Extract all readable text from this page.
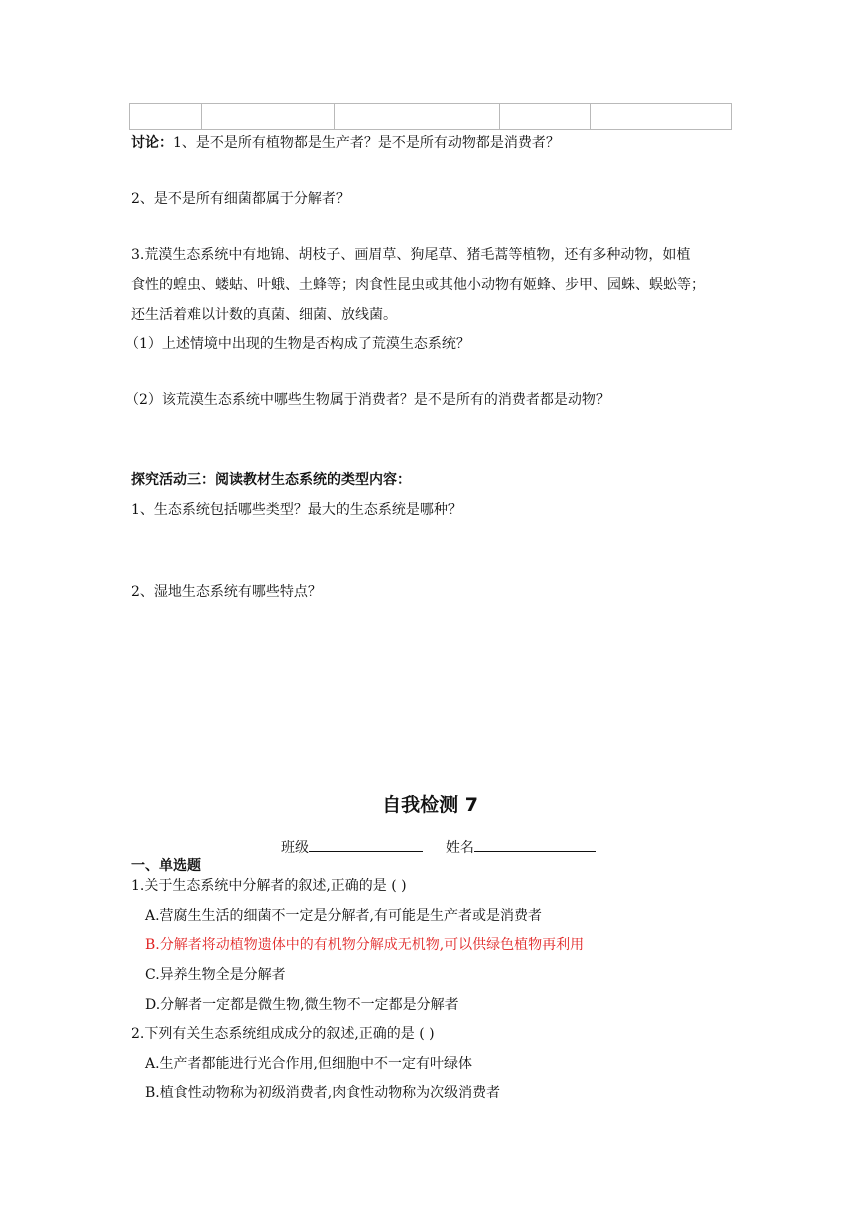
讨论：1、是不是所有植物都是生产者？是不是所有动物都是消费者？
2、是不是所有细菌都属于分解者？
3.荒漠生态系统中有地锦、胡枝子、画眉草、狗尾草、猪毛蒿等植物，还有多种动物，如植
食性的蝗虫、蝼蛄、叶蛾、土蜂等；肉食性昆虫或其他小动物有姬蜂、步甲、园蛛、蜈蚣等；
还生活着难以计数的真菌、细菌、放线菌。
（1）上述情境中出现的生物是否构成了荒漠生态系统？
（2）该荒漠生态系统中哪些生物属于消费者？是不是所有的消费者都是动物？
探究活动三：阅读教材生态系统的类型内容：
1、生态系统包括哪些类型？最大的生态系统是哪种？
2、湿地生态系统有哪些特点？
自我检测 7
班级	姓名
一、单选题
1.关于生态系统中分解者的叙述,正确的是 ( )
A.营腐生生活的细菌不一定是分解者,有可能是生产者或是消费者
B.分解者将动植物遗体中的有机物分解成无机物,可以供绿色植物再利用
C.异养生物全是分解者
D.分解者一定都是微生物,微生物不一定都是分解者
2.下列有关生态系统组成成分的叙述,正确的是 ( )
A.生产者都能进行光合作用,但细胞中不一定有叶绿体
B.植食性动物称为初级消费者,肉食性动物称为次级消费者
